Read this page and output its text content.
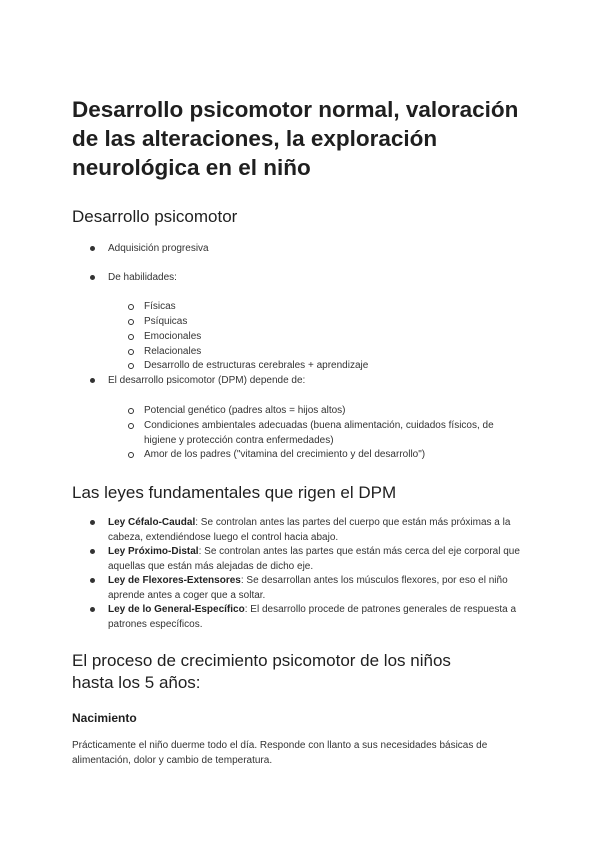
Desarrollo psicomotor normal, valoración de las alteraciones, la exploración neurológica en el niño
Desarrollo psicomotor
Adquisición progresiva
De habilidades:
Físicas
Psíquicas
Emocionales
Relacionales
Desarrollo de estructuras cerebrales + aprendizaje
El desarrollo psicomotor (DPM) depende de:
Potencial genético (padres altos = hijos altos)
Condiciones ambientales adecuadas (buena alimentación, cuidados físicos, de higiene y protección contra enfermedades)
Amor de los padres ("vitamina del crecimiento y del desarrollo")
Las leyes fundamentales que rigen el DPM
Ley Céfalo-Caudal: Se controlan antes las partes del cuerpo que están más próximas a la cabeza, extendiéndose luego el control hacia abajo.
Ley Próximo-Distal: Se controlan antes las partes que están más cerca del eje corporal que aquellas que están más alejadas de dicho eje.
Ley de Flexores-Extensores: Se desarrollan antes los músculos flexores, por eso el niño aprende antes a coger que a soltar.
Ley de lo General-Específico: El desarrollo procede de patrones generales de respuesta a patrones específicos.
El proceso de crecimiento psicomotor de los niños hasta los 5 años:
Nacimiento

Prácticamente el niño duerme todo el día. Responde con llanto a sus necesidades básicas de alimentación, dolor y cambio de temperatura.
